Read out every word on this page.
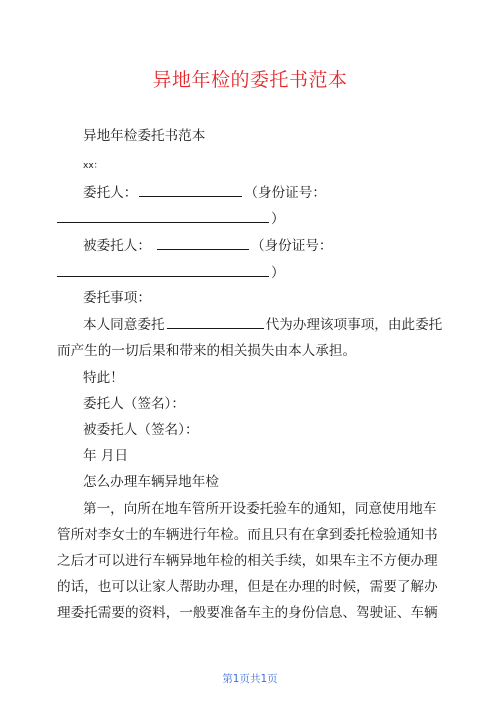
异地年检的委托书范本
异地年检委托书范本
xx：
委托人：	（身份证号：
）
被委托人：	（身份证号：
）
委托事项：
本人同意委托	代为办理该项事项，由此委托
而产生的一切后果和带来的相关损失由本人承担。
特此！
委托人（签名）：
被委托人（签名）：
年 月日
怎么办理车辆异地年检
第一，向所在地车管所开设委托验车的通知，同意使用地车
管所对李女士的车辆进行年检。而且只有在拿到委托检验通知书
之后才可以进行车辆异地年检的相关手续，如果车主不方便办理
的话，也可以让家人帮助办理，但是在办理的时候，需要了解办
理委托需要的资料，一般要准备车主的身份信息、驾驶证、车辆
第1页共1页
